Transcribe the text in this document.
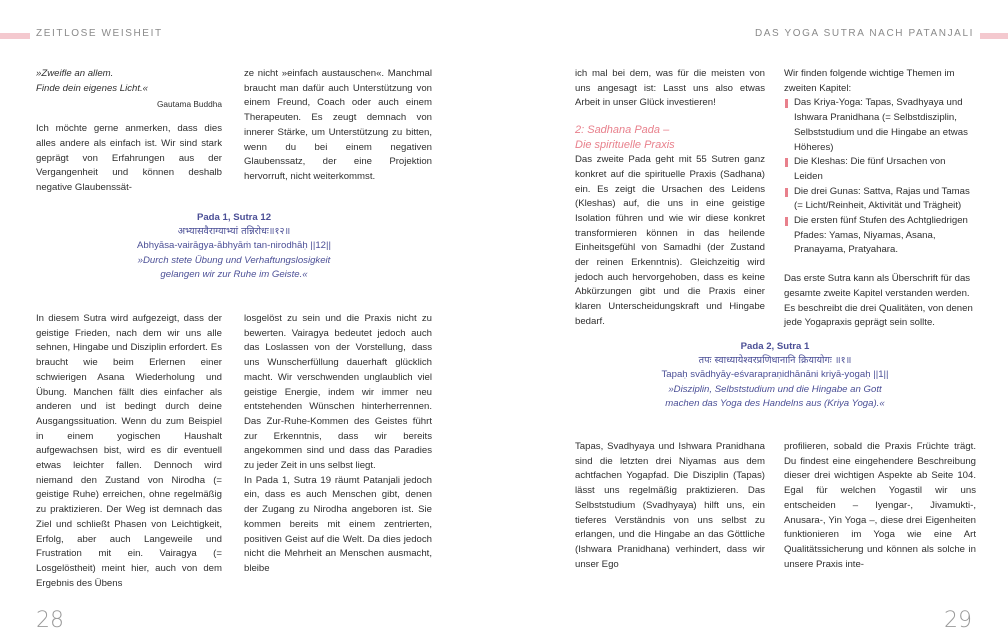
ZEITLOSE WEISHEIT

»Zweifle an allem.

Finde dein eigenes Licht.«

Gautama Buddha

Ich möchte gerne anmerken, dass dies alles andere als einfach ist. Wir sind stark geprägt von Erfahrungen aus der Vergangenheit und können deshalb negative Glaubenssät-

ze nicht »einfach austauschen«. Manchmal braucht man dafür auch Unterstützung von einem Freund, Coach oder auch einem Therapeuten. Es zeugt demnach von innerer Stärke, um Unterstützung zu bitten, wenn du bei einem negativen Glaubenssatz, der eine Projektion hervorruft, nicht weiterkommst.

Pada 1, Sutra 12
अभ्यासवैराग्याभ्यां तन्निरोधः॥१२॥
Abhyāsa-vairāgya-ābhyāṁ tan-nirodhāḥ ||12||
»Durch stete Übung und Verhaftungslosigkeit
gelangen wir zur Ruhe im Geiste.«

In diesem Sutra wird aufgezeigt, dass der geistige Frieden, nach dem wir uns alle sehnen, Hingabe und Disziplin erfordert. Es braucht wie beim Erlernen einer schwierigen Asana Wiederholung und Übung. Manchen fällt dies einfacher als anderen und ist bedingt durch deine Ausgangssituation. Wenn du zum Beispiel in einem yogischen Haushalt aufgewachsen bist, wird es dir eventuell etwas leichter fallen. Dennoch wird niemand den Zustand von Nirodha (= geistige Ruhe) erreichen, ohne regelmäßig zu praktizieren. Der Weg ist demnach das Ziel und schließt Phasen von Leichtigkeit, Erfolg, aber auch Langeweile und Frustration mit ein. Vairagya (= Losgelöstheit) meint hier, auch von dem Ergebnis des Übens

losgelöst zu sein und die Praxis nicht zu bewerten. Vairagya bedeutet jedoch auch das Loslassen von der Vorstellung, dass uns Wunscherfüllung dauerhaft glücklich macht. Wir verschwenden unglaublich viel geistige Energie, indem wir immer neu entstehenden Wünschen hinterherrennen. Das Zur-Ruhe-Kommen des Geistes führt zur Erkenntnis, dass wir bereits angekommen sind und dass das Paradies zu jeder Zeit in uns selbst liegt.

In Pada 1, Sutra 19 räumt Patanjali jedoch ein, dass es auch Menschen gibt, denen der Zugang zu Nirodha angeboren ist. Sie kommen bereits mit einem zentrierten, positiven Geist auf die Welt. Da dies jedoch nicht die Mehrheit an Menschen ausmacht, bleibe

28
DAS YOGA SUTRA NACH PATANJALI

ich mal bei dem, was für die meisten von uns angesagt ist: Lasst uns also etwas Arbeit in unser Glück investieren!

2: Sadhana Pada –

Die spirituelle Praxis

Das zweite Pada geht mit 55 Sutren ganz konkret auf die spirituelle Praxis (Sadhana) ein. Es zeigt die Ursachen des Leidens (Kleshas) auf, die uns in eine geistige Isolation führen und wie wir diese konkret transformieren können in das heilende Einheitsgefühl von Samadhi (der Zustand der reinen Erkenntnis). Gleichzeitig wird jedoch auch hervorgehoben, dass es keine Abkürzungen gibt und die Praxis einer klaren Unterscheidungskraft und Hingabe bedarf.

Wir finden folgende wichtige Themen im zweiten Kapitel:

Das Kriya-Yoga: Tapas, Svadhyaya und Ishwara Pranidhana (= Selbstdisziplin, Selbststudium und die Hingabe an etwas Höheres)
Die Kleshas: Die fünf Ursachen von Leiden
Die drei Gunas: Sattva, Rajas und Tamas (= Licht/Reinheit, Aktivität und Trägheit)
Die ersten fünf Stufen des Achtgliedrigen Pfades: Yamas, Niyamas, Asana, Pranayama, Pratyahara.

Das erste Sutra kann als Überschrift für das gesamte zweite Kapitel verstanden werden. Es beschreibt die drei Qualitäten, von denen jede Yogapraxis geprägt sein sollte.

Pada 2, Sutra 1
तपः स्वाध्यायेश्वरप्रणिधानानि क्रियायोगः ॥१॥
Tapaḥ svādhyāy-eśvarapraṇidhānāni kriyā-yogaḥ ||1||
»Disziplin, Selbststudium und die Hingabe an Gott
machen das Yoga des Handelns aus (Kriya Yoga).«

Tapas, Svadhyaya und Ishwara Pranidhana sind die letzten drei Niyamas aus dem achtfachen Yogapfad. Die Disziplin (Tapas) lässt uns regelmäßig praktizieren. Das Selbststudium (Svadhyaya) hilft uns, ein tieferes Verständnis von uns selbst zu erlangen, und die Hingabe an das Göttliche (Ishwara Pranidhana) verhindert, dass wir unser Ego

profilieren, sobald die Praxis Früchte trägt. Du findest eine eingehendere Beschreibung dieser drei wichtigen Aspekte ab Seite 104. Egal für welchen Yogastil wir uns entscheiden – Iyengar-, Jivamukti-, Anusara-, Yin Yoga –, diese drei Eigenheiten funktionieren im Yoga wie eine Art Qualitätssicherung und können als solche in unsere Praxis inte-

29
